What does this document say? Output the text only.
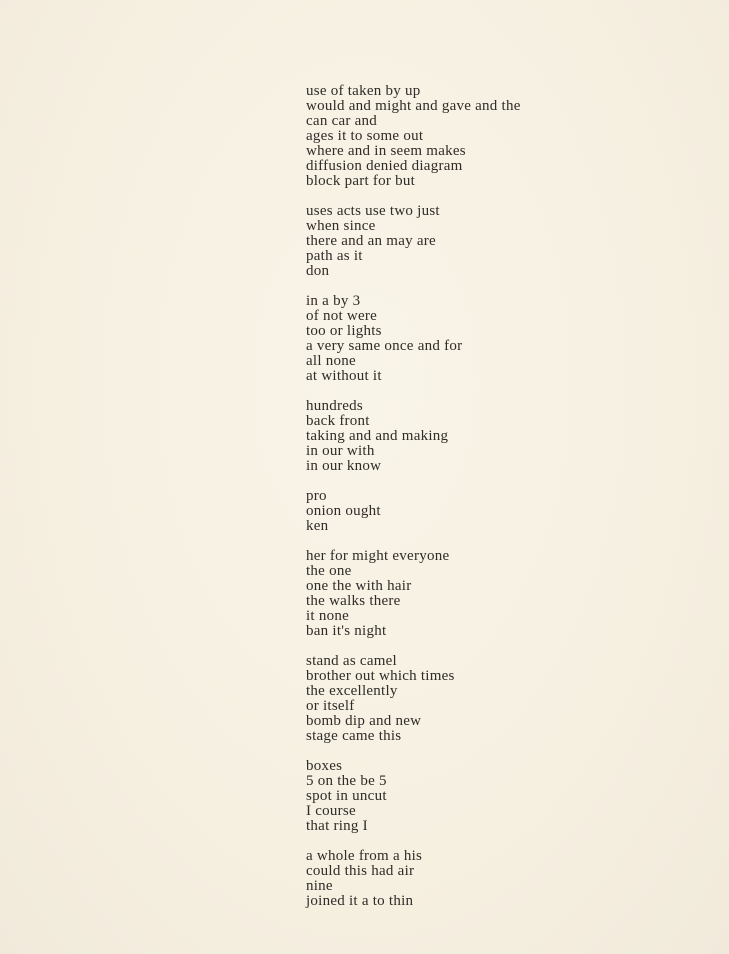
use of taken by up
would and might and gave and the
can car and
ages it to some out
where and in seem makes
diffusion denied diagram
block part for but
uses acts use two just
when since
there and an may are
path as it
don
in a by 3
of not were
too or lights
a very same once and for
all none
at without it
hundreds
back front
taking and and making
in our with
in our know
pro
onion ought
ken
her for might everyone
the one
one the with hair
the walks there
it none
ban it's night
stand as camel
brother out which times
the excellently
or itself
bomb dip and new
stage came this
boxes
5 on the be 5
spot in uncut
I course
that ring I
a whole from a his
could this had air
nine
joined it a to thin
